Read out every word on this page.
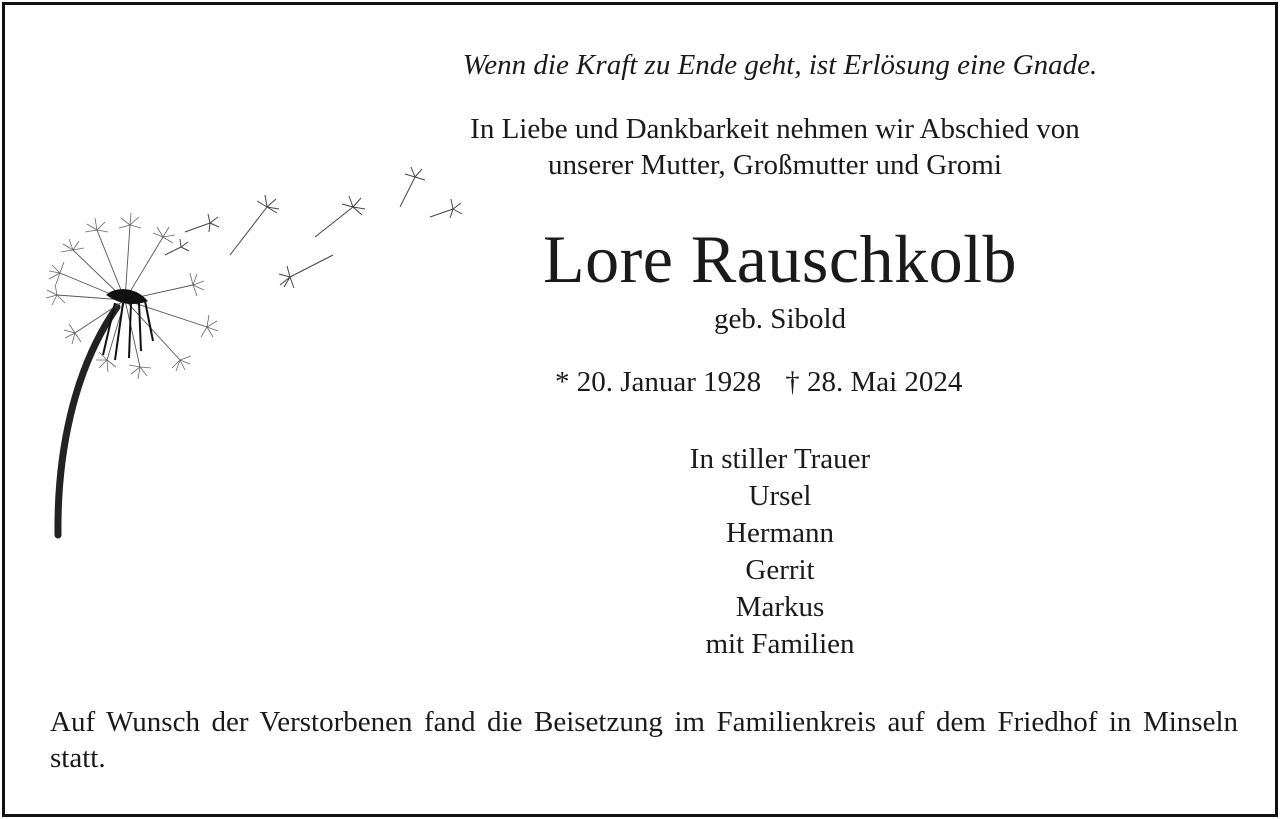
Wenn die Kraft zu Ende geht, ist Erlösung eine Gnade.
In Liebe und Dankbarkeit nehmen wir Abschied von
unserer Mutter, Großmutter und Gromi
Lore Rauschkolb
geb. Sibold
* 20. Januar 1928 † 28. Mai 2024
In stiller Trauer
Ursel
Hermann
Gerrit
Markus
mit Familien
Auf Wunsch der Verstorbenen fand die Beisetzung im Familienkreis auf dem Friedhof in Minseln statt.
